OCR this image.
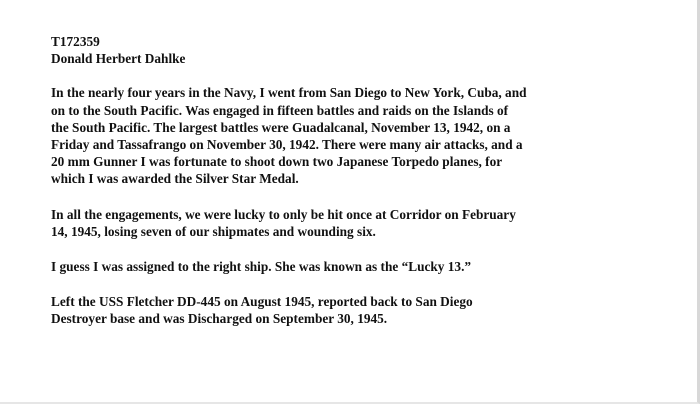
T172359
Donald Herbert Dahlke

In the nearly four years in the Navy, I went from San Diego to New York, Cuba, and
on to the South Pacific. Was engaged in fifteen battles and raids on the Islands of
the South Pacific. The largest battles were Guadalcanal, November 13, 1942, on a
Friday and Tassafrango on November 30, 1942. There were many air attacks, and a
20 mm Gunner I was fortunate to shoot down two Japanese Torpedo planes, for
which I was awarded the Silver Star Medal.

In all the engagements, we were lucky to only be hit once at Corridor on February
14, 1945, losing seven of our shipmates and wounding six.

I guess I was assigned to the right ship. She was known as the “Lucky 13.”

Left the USS Fletcher DD-445 on August 1945, reported back to San Diego
Destroyer base and was Discharged on September 30, 1945.
